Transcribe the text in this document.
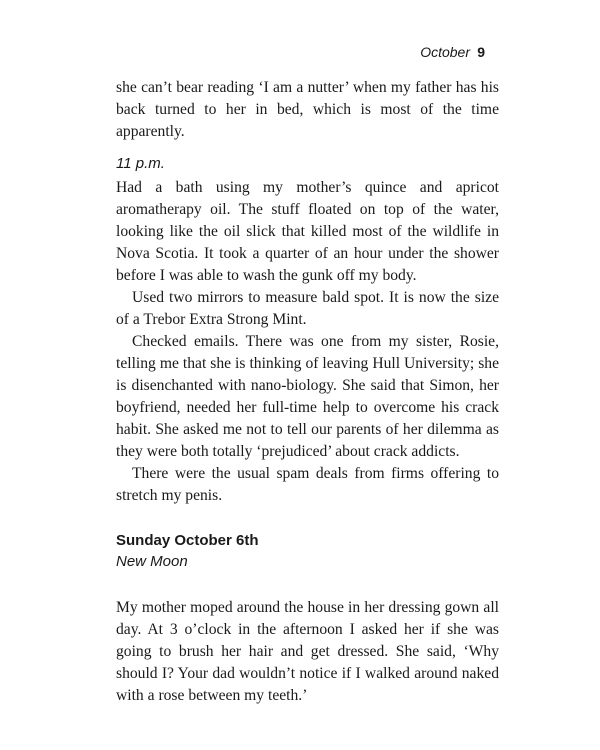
October 9

she can’t bear reading ‘I am a nutter’ when my father has his back turned to her in bed, which is most of the time apparently.

11 p.m.

Had a bath using my mother’s quince and apricot aromatherapy oil. The stuff floated on top of the water, looking like the oil slick that killed most of the wildlife in Nova Scotia. It took a quarter of an hour under the shower before I was able to wash the gunk off my body.

Used two mirrors to measure bald spot. It is now the size of a Trebor Extra Strong Mint.

Checked emails. There was one from my sister, Rosie, telling me that she is thinking of leaving Hull University; she is disenchanted with nano-biology. She said that Simon, her boyfriend, needed her full-time help to overcome his crack habit. She asked me not to tell our parents of her dilemma as they were both totally ‘prejudiced’ about crack addicts.

There were the usual spam deals from firms offering to stretch my penis.

Sunday October 6th
New Moon

My mother moped around the house in her dressing gown all day. At 3 o’clock in the afternoon I asked her if she was going to brush her hair and get dressed. She said, ‘Why should I? Your dad wouldn’t notice if I walked around naked with a rose between my teeth.’
